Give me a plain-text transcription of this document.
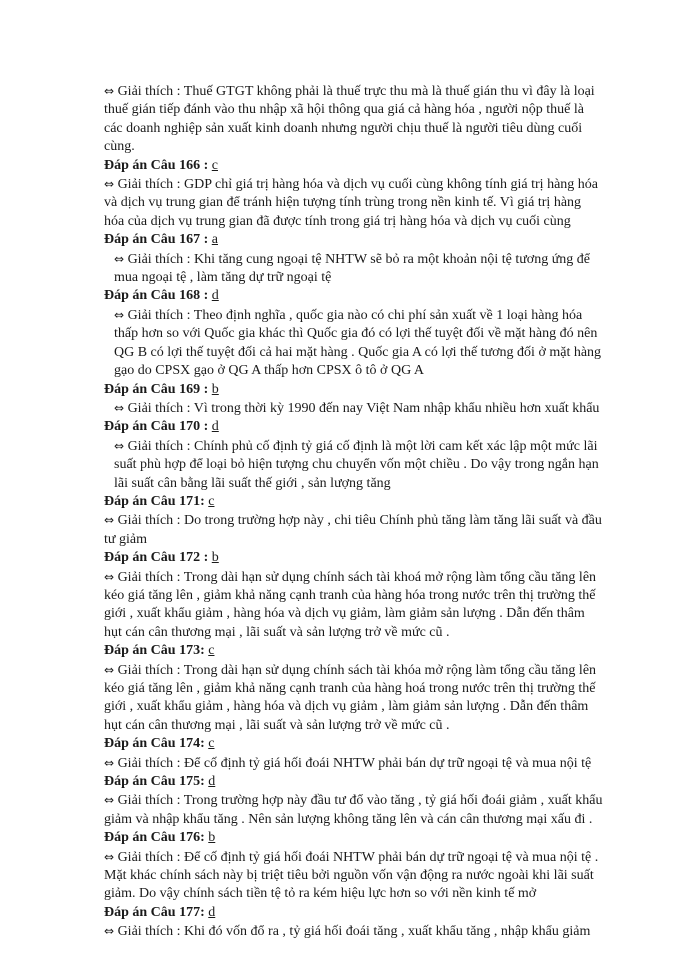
⇔ Giải thích : Thuế GTGT không phải là thuế trực thu mà là thuế gián thu vì đây là loại thuế gián tiếp đánh vào thu nhập xã hội thông qua giá cả hàng hóa , người nộp thuế là các doanh nghiệp sản xuất kinh doanh nhưng người chịu thuế là người tiêu dùng cuối cùng.
Đáp án Câu 166 : c
⇔ Giải thích : GDP chỉ giá trị hàng hóa và dịch vụ cuối cùng không tính giá trị hàng hóa và dịch vụ trung gian để tránh hiện tượng tính trùng trong nền kinh tế. Vì giá trị hàng hóa của dịch vụ trung gian đã được tính trong giá trị hàng hóa và dịch vụ cuối cùng
Đáp án Câu 167 : a
⇔ Giải thích : Khi tăng cung ngoại tệ NHTW sẽ bỏ ra một khoản nội tệ tương ứng để mua ngoại tệ , làm tăng dự trữ ngoại tệ
Đáp án Câu 168 : d
⇔ Giải thích : Theo định nghĩa , quốc gia nào có chi phí sản xuất về 1 loại hàng hóa thấp hơn so với Quốc gia khác thì Quốc gia đó có lợi thế tuyệt đối về mặt hàng đó nên QG B có lợi thế tuyệt đối cả hai mặt hàng . Quốc gia A có lợi thế tương đối ở mặt hàng gạo do CPSX gạo ở QG A thấp hơn CPSX ô tô ở QG A
Đáp án Câu 169 : b
⇔ Giải thích : Vì trong thời kỳ 1990 đến nay Việt Nam nhập khẩu nhiều hơn xuất khẩu
Đáp án Câu 170 : d
⇔ Giải thích : Chính phủ cố định tỷ giá cố định là một lời cam kết xác lập một mức lãi suất phù hợp để loại bỏ hiện tượng chu chuyển vốn một chiều . Do vậy trong ngắn hạn lãi suất cân bằng lãi suất thế giới , sản lượng tăng
Đáp án Câu 171: c
⇔ Giải thích : Do trong trường hợp này , chi tiêu Chính phủ tăng làm tăng lãi suất và đầu tư giảm
Đáp án Câu 172 : b
⇔ Giải thích : Trong dài hạn sử dụng chính sách tài khoá mở rộng làm tổng cầu tăng lên kéo giá tăng lên , giảm khả năng cạnh tranh của hàng hóa trong nước trên thị trường thế giới , xuất khẩu giảm , hàng hóa và dịch vụ giảm, làm giảm sản lượng . Dẫn đến thâm hụt cán cân thương mại , lãi suất và sản lượng trở về mức cũ .
Đáp án Câu 173: c
⇔ Giải thích : Trong dài hạn sử dụng chính sách tài khóa mở rộng làm tổng cầu tăng lên kéo giá tăng lên , giảm khả năng cạnh tranh của hàng hoá trong nước trên thị trường thế giới , xuất khẩu giảm , hàng hóa và dịch vụ giảm , làm giảm sản lượng . Dẫn đến thâm hụt cán cân thương mại , lãi suất và sản lượng trở về mức cũ .
Đáp án Câu 174: c
⇔ Giải thích : Để cố định tỷ giá hối đoái NHTW phải bán dự trữ ngoại tệ và mua nội tệ
Đáp án Câu 175: d
⇔ Giải thích : Trong trường hợp này đầu tư đổ vào tăng , tỷ giá hối đoái giảm , xuất khẩu giảm và nhập khẩu tăng . Nên sản lượng không tăng lên và cán cân thương mại xấu đi .
Đáp án Câu 176: b
⇔ Giải thích : Để cố định tỷ giá hối đoái NHTW phải bán dự trữ ngoại tệ và mua nội tệ . Mặt khác chính sách này bị triệt tiêu bởi nguồn vốn vận động ra nước ngoài khi lãi suất giảm. Do vậy chính sách tiền tệ tỏ ra kém hiệu lực hơn so với nền kinh tế mở
Đáp án Câu 177: d
⇔ Giải thích : Khi đó vốn đổ ra , tỷ giá hối đoái tăng , xuất khẩu tăng , nhập khẩu giảm
